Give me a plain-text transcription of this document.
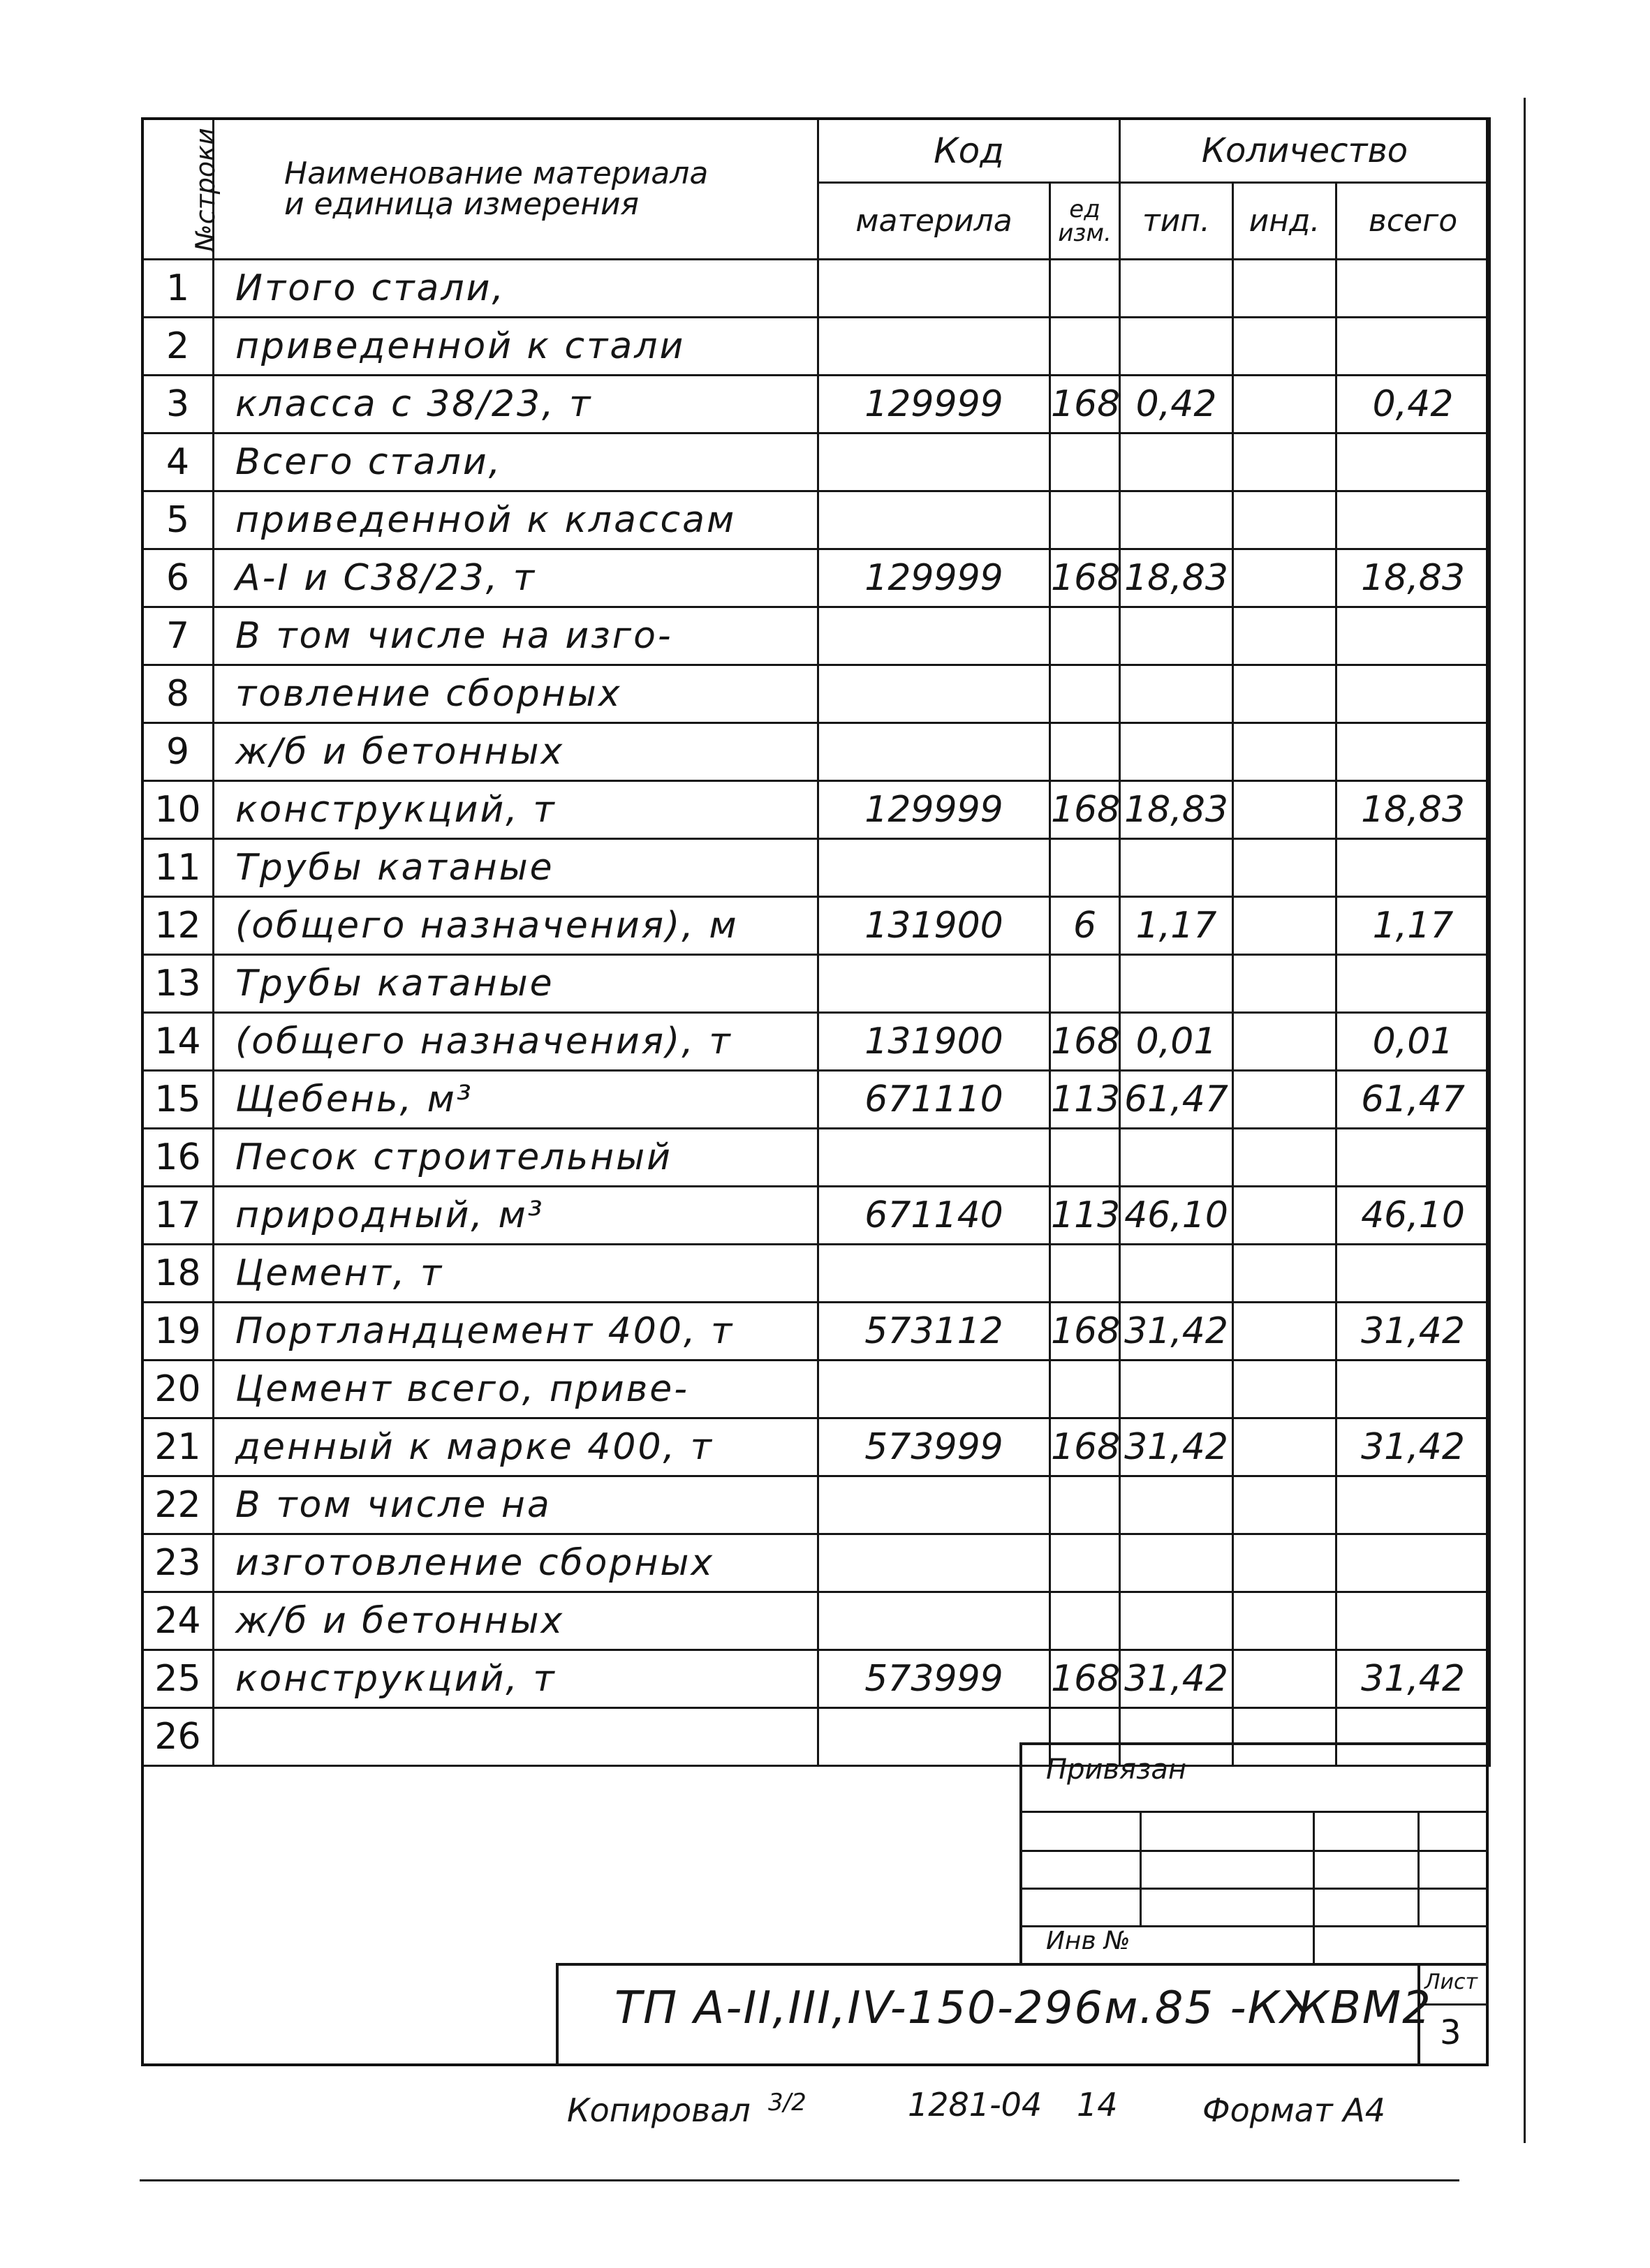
№строки	Наименование материала
и единица измерения	Код		Количество		
		материла	ед изм.	тип.	инд.	всего
1	Итого стали,					
2	приведенной к стали					
3	класса с 38/23, т	129999	168	0,42		0,42
4	Всего стали,					
5	приведенной к классам					
6	А-I и С38/23, т	129999	168	18,83		18,83
7	В том числе на изго-					
8	товление сборных					
9	ж/б и бетонных					
10	конструкций, т	129999	168	18,83		18,83
11	Трубы катаные					
12	(общего назначения), м	131900	6	1,17		1,17
13	Трубы катаные					
14	(общего назначения), т	131900	168	0,01		0,01
15	Щебень, м³	671110	113	61,47		61,47
16	Песок строительный					
17	природный, м³	671140	113	46,10		46,10
18	Цемент, т					
19	Портландцемент 400, т	573112	168	31,42		31,42
20	Цемент всего, приве-					
21	денный к марке 400, т	573999	168	31,42		31,42
22	В том числе на					
23	изготовление сборных					
24	ж/б и бетонных					
25	конструкций, т	573999	168	31,42		31,42
26						
Привязан
Инв №
ТП А-II,III,IV-150-296м.85 -КЖВМ2
Лист
3
Копировал 3/2	1281-04 14	Формат А4
